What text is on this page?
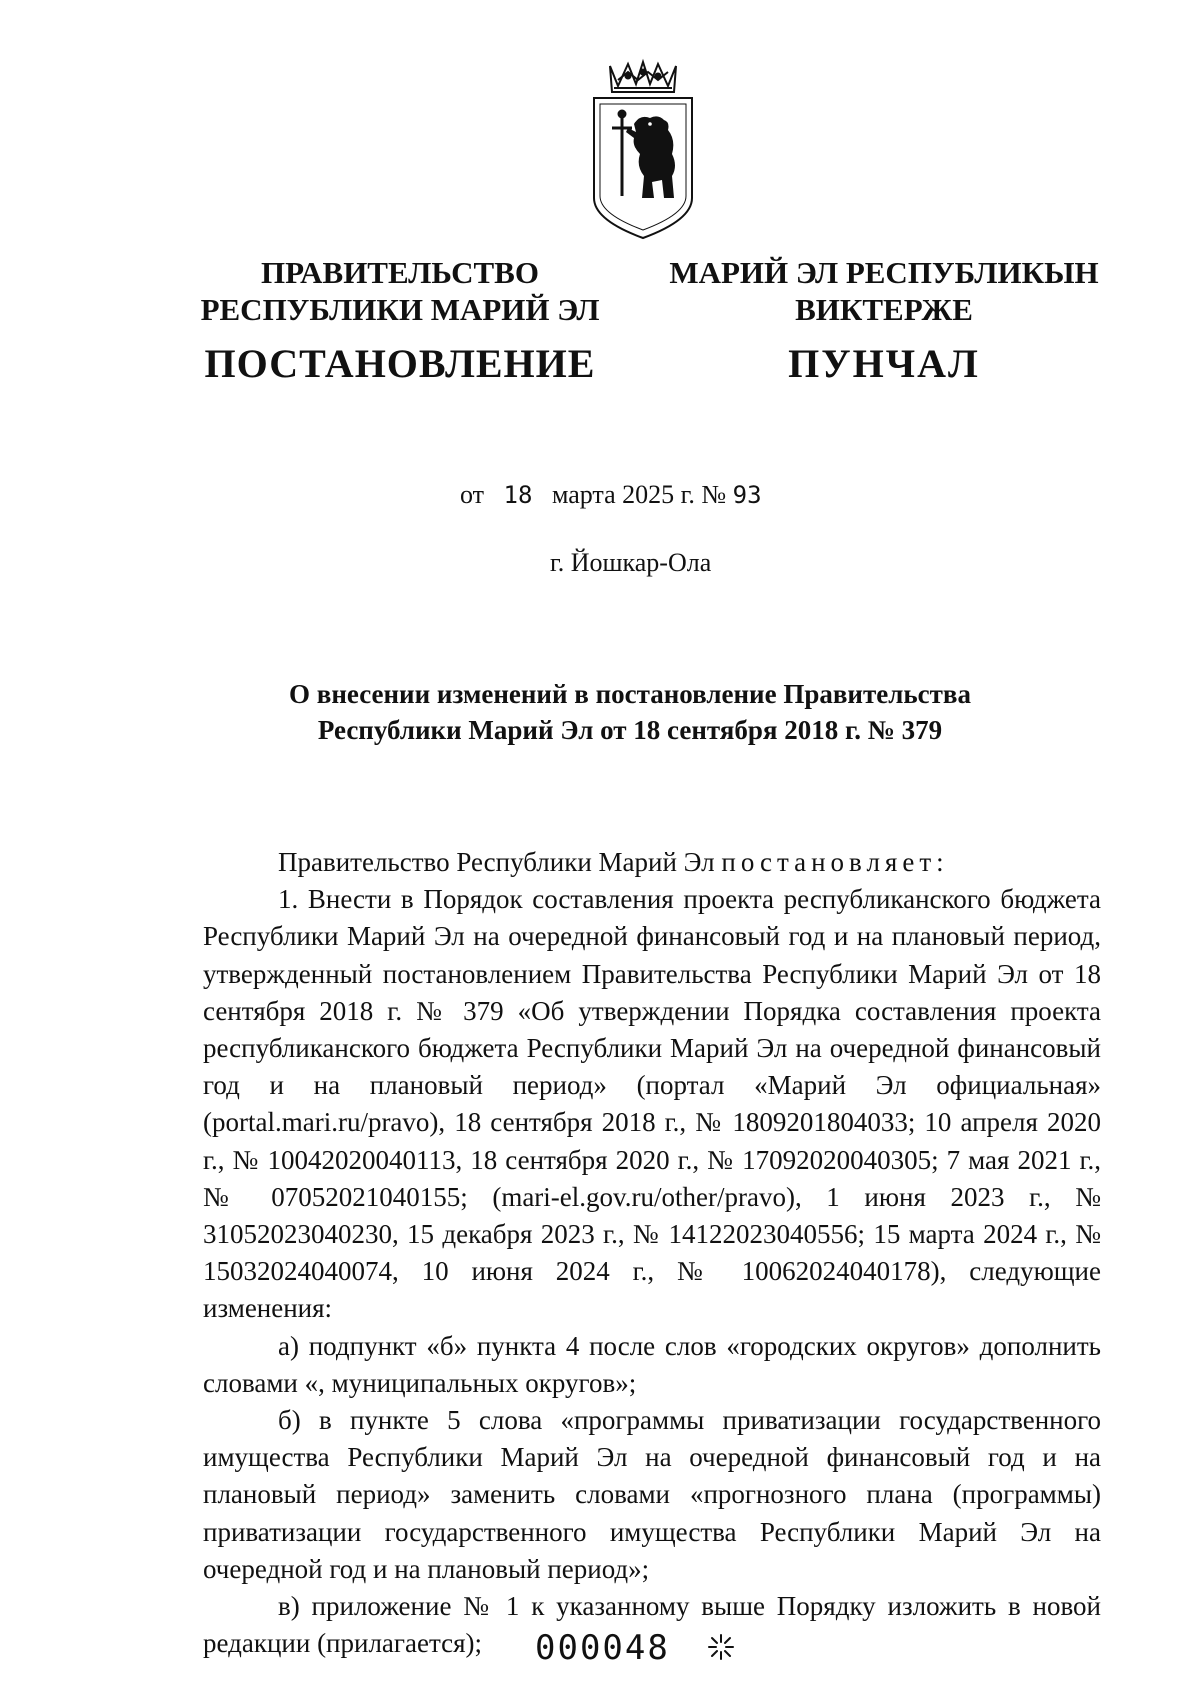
ПРАВИТЕЛЬСТВО
РЕСПУБЛИКИ МАРИЙ ЭЛ
МАРИЙ ЭЛ РЕСПУБЛИКЫН
ВИКТЕРЖЕ
ПОСТАНОВЛЕНИЕ	ПУНЧАЛ
от 18 марта 2025 г. № 93
г. Йошкар-Ола
О внесении изменений в постановление Правительства
Республики Марий Эл от 18 сентября 2018 г. № 379

Правительство Республики Марий Эл постановляет:

1. Внести в Порядок составления проекта республиканского бюджета Республики Марий Эл на очередной финансовый год и на плановый период, утвержденный постановлением Правительства Республики Марий Эл от 18 сентября 2018 г. № 379 «Об утверждении Порядка составления проекта республиканского бюджета Республики Марий Эл на очередной финансовый год и на плановый период» (портал «Марий Эл официальная» (portal.mari.ru/pravo), 18 сентября 2018 г., № 1809201804033; 10 апреля 2020 г., № 10042020040113, 18 сентября 2020 г., № 17092020040305; 7 мая 2021 г., № 07052021040155; (mari-el.gov.ru/other/pravo), 1 июня 2023 г., № 31052023040230, 15 декабря 2023 г., № 14122023040556; 15 марта 2024 г., № 15032024040074, 10 июня 2024 г., № 10062024040178), следующие изменения:

а) подпункт «б» пункта 4 после слов «городских округов» дополнить словами «, муниципальных округов»;

б) в пункте 5 слова «программы приватизации государственного имущества Республики Марий Эл на очередной финансовый год и на плановый период» заменить словами «прогнозного плана (программы) приватизации государственного имущества Республики Марий Эл на очередной год и на плановый период»;

в) приложение № 1 к указанному выше Порядку изложить в новой редакции (прилагается);	000048
